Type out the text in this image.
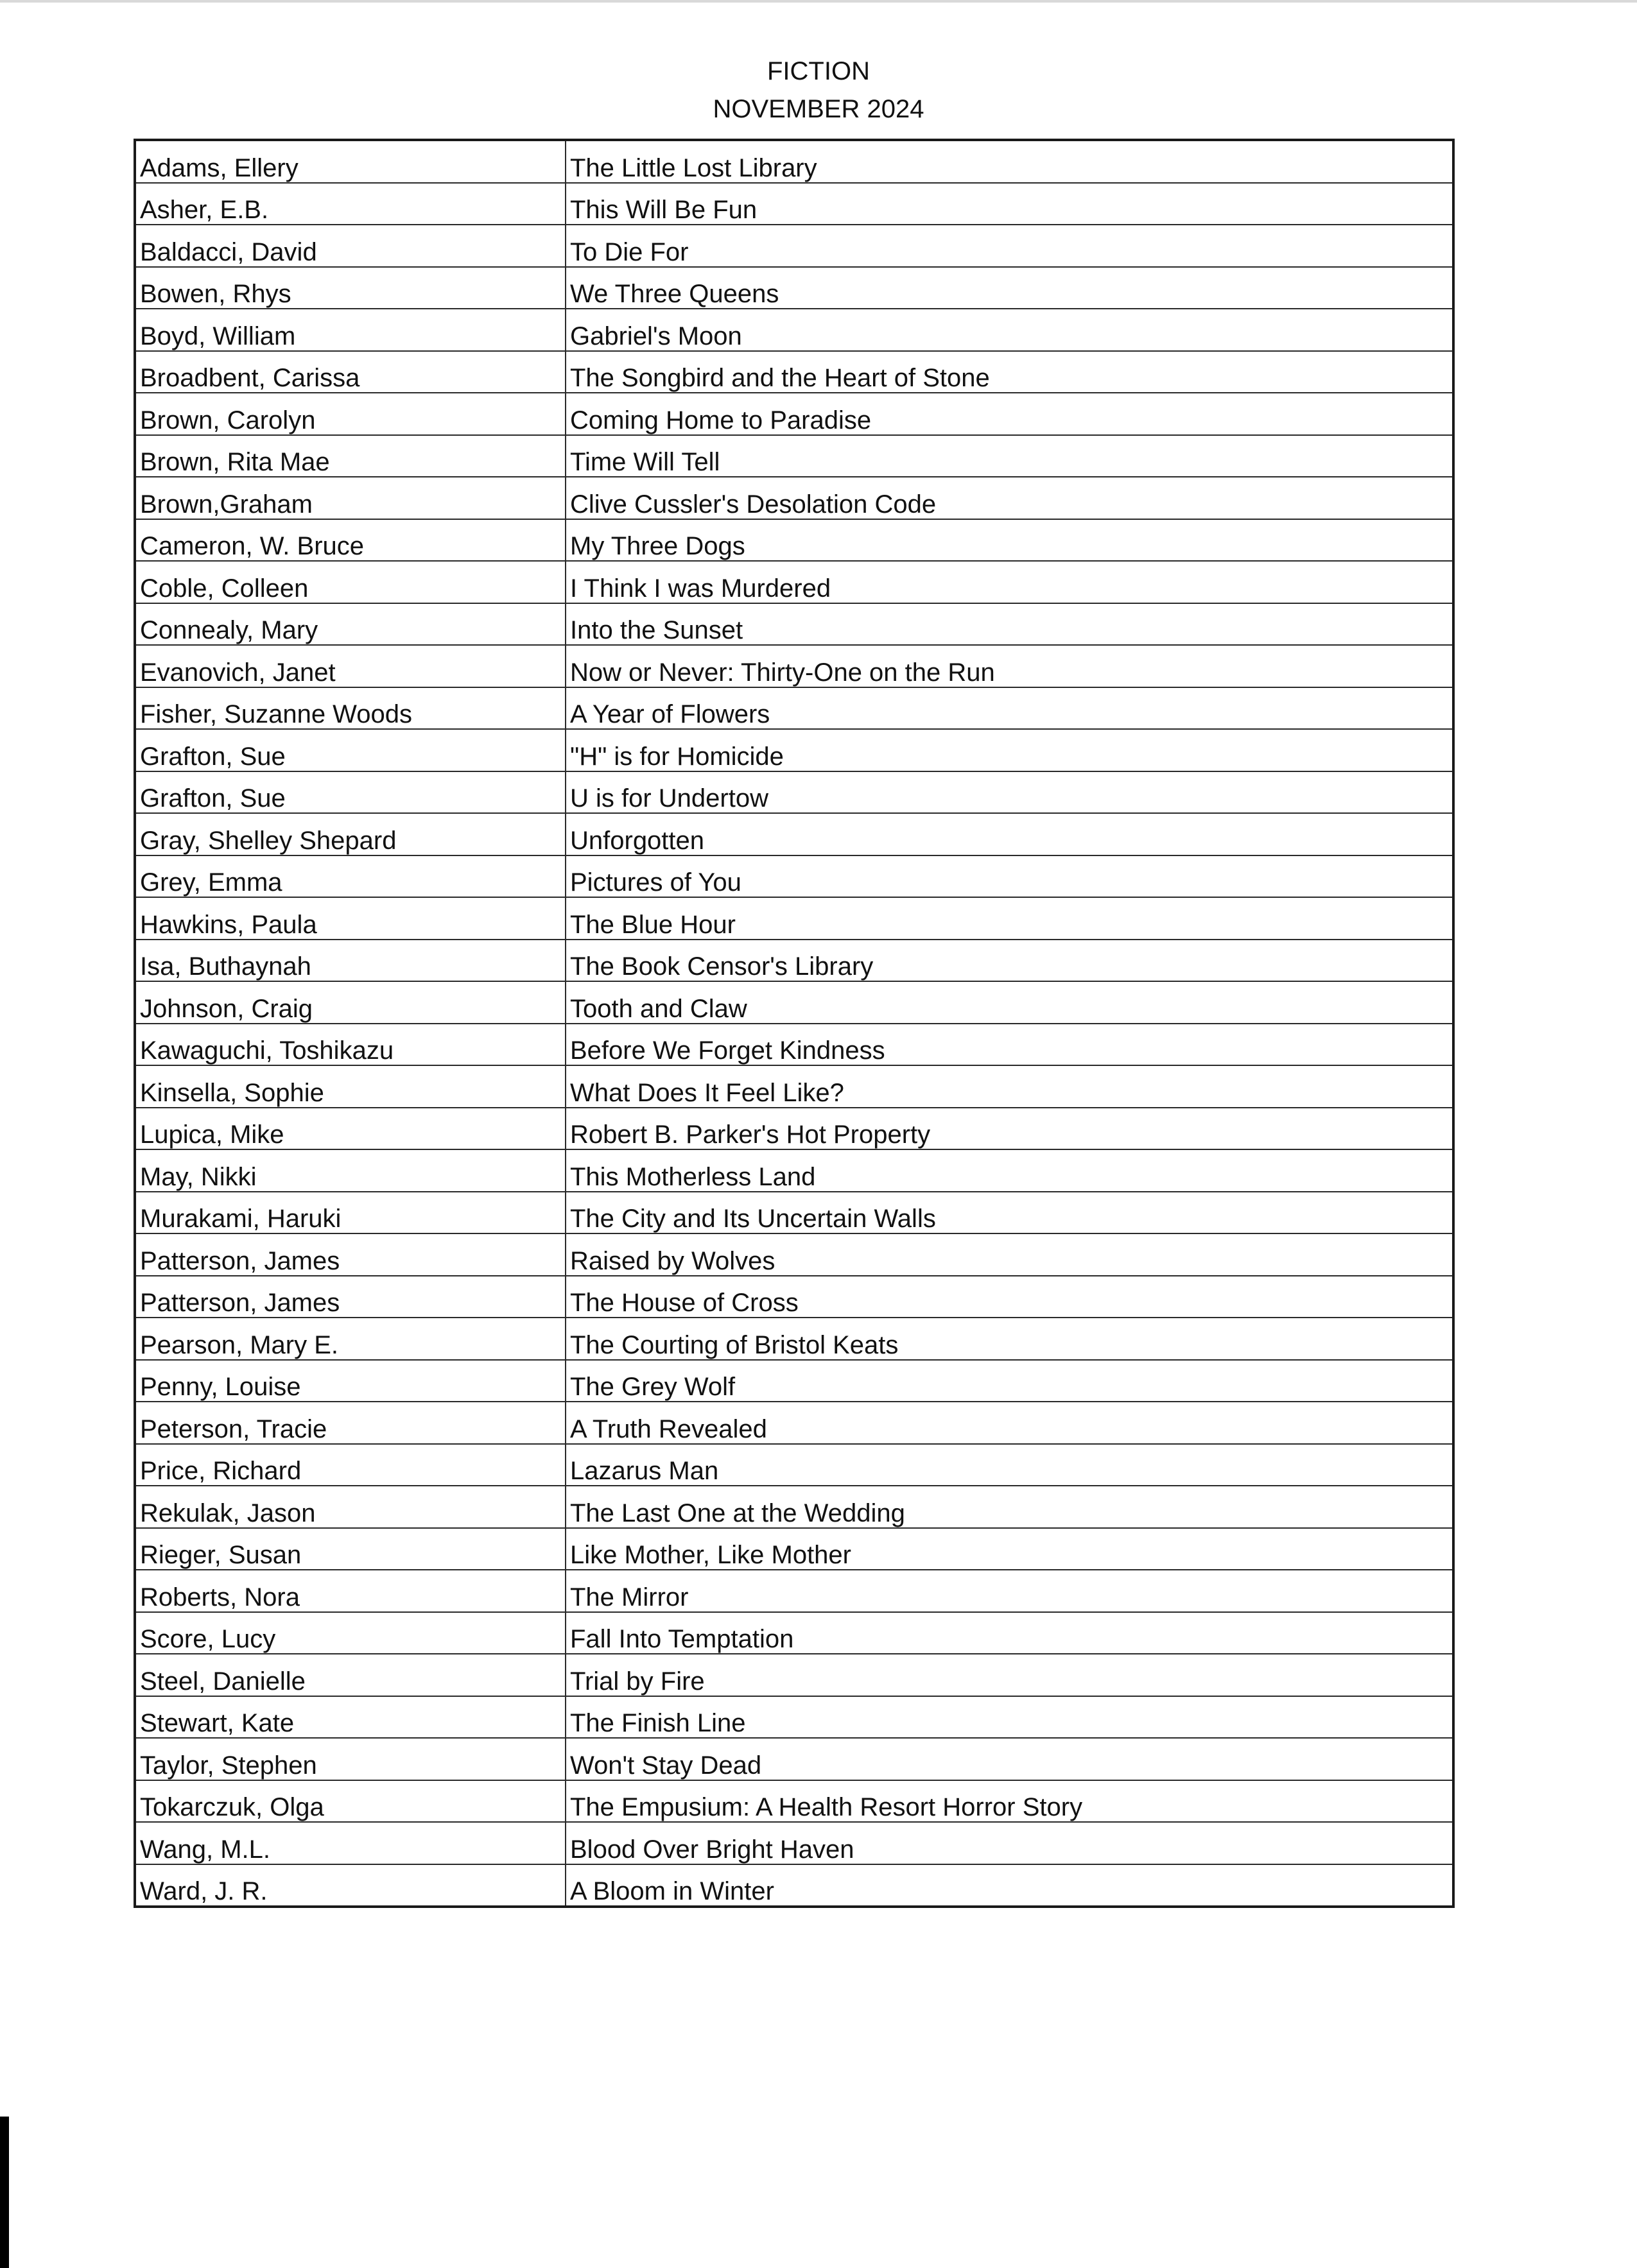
FICTION
NOVEMBER 2024
Adams, Ellery	The Little Lost Library
Asher, E.B.	This Will Be Fun
Baldacci, David	To Die For
Bowen, Rhys	We Three Queens
Boyd, William	Gabriel's Moon
Broadbent, Carissa	The Songbird and the Heart of Stone
Brown, Carolyn	Coming Home to Paradise
Brown, Rita Mae	Time Will Tell
Brown,Graham	Clive Cussler's Desolation Code
Cameron, W. Bruce	My Three Dogs
Coble, Colleen	I Think I was Murdered
Connealy, Mary	Into the Sunset
Evanovich, Janet	Now or Never: Thirty-One on the Run
Fisher, Suzanne Woods	A Year of Flowers
Grafton, Sue	"H" is for Homicide
Grafton, Sue	U is for Undertow
Gray, Shelley Shepard	Unforgotten
Grey, Emma	Pictures of You
Hawkins, Paula	The Blue Hour
Isa, Buthaynah	The Book Censor's Library
Johnson, Craig	Tooth and Claw
Kawaguchi, Toshikazu	Before We Forget Kindness
Kinsella, Sophie	What Does It Feel Like?
Lupica, Mike	Robert B. Parker's Hot Property
May, Nikki	This Motherless Land
Murakami, Haruki	The City and Its Uncertain Walls
Patterson, James	Raised by Wolves
Patterson, James	The House of Cross
Pearson, Mary E.	The Courting of Bristol Keats
Penny, Louise	The Grey Wolf
Peterson, Tracie	A Truth Revealed
Price, Richard	Lazarus Man
Rekulak, Jason	The Last One at the Wedding
Rieger, Susan	Like Mother, Like Mother
Roberts, Nora	The Mirror
Score, Lucy	Fall Into Temptation
Steel, Danielle	Trial by Fire
Stewart, Kate	The Finish Line
Taylor, Stephen	Won't Stay Dead
Tokarczuk, Olga	The Empusium: A Health Resort Horror Story
Wang, M.L.	Blood Over Bright Haven
Ward, J. R.	A Bloom in Winter
